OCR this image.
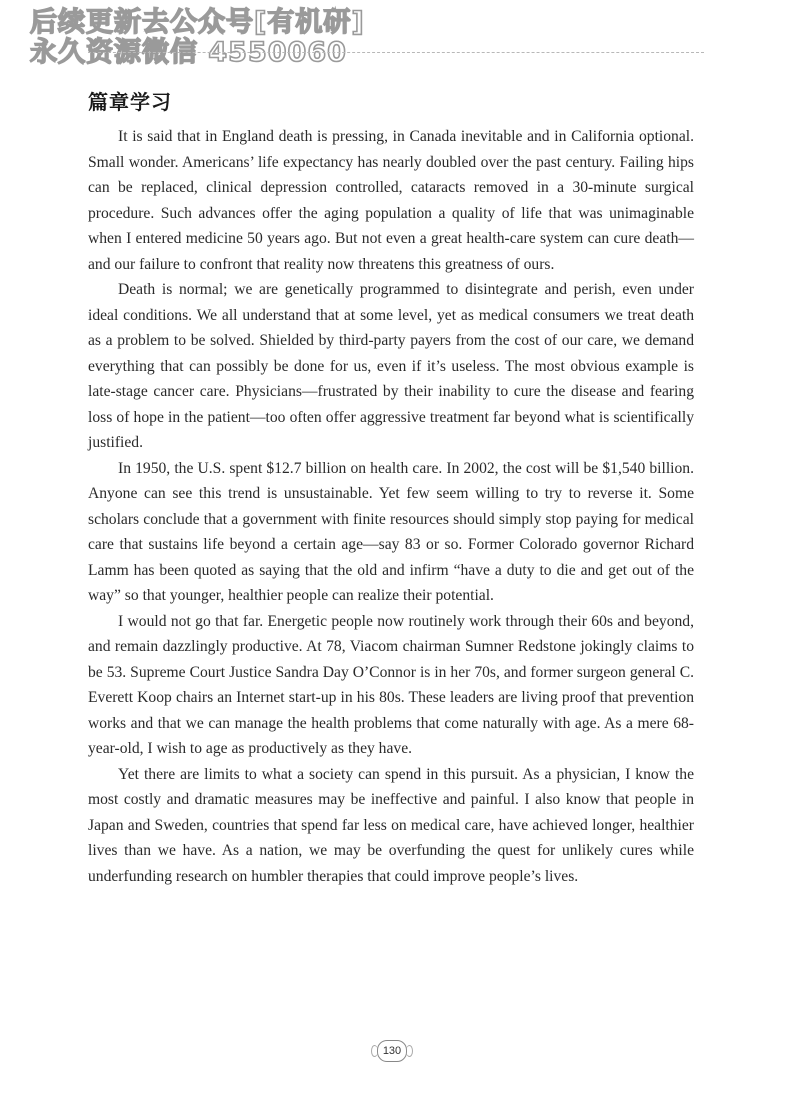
后续更新去公众号[有机研]
永久资源微信 4550060
篇章学习

It is said that in England death is pressing, in Canada inevitable and in California optional. Small wonder. Americans’ life expectancy has nearly doubled over the past century. Failing hips can be replaced, clinical depression controlled, cataracts removed in a 30-minute surgical procedure. Such advances offer the aging population a quality of life that was unimaginable when I entered medicine 50 years ago. But not even a great health-care system can cure death—and our failure to confront that reality now threatens this greatness of ours.

Death is normal; we are genetically programmed to disintegrate and perish, even under ideal conditions. We all understand that at some level, yet as medical consumers we treat death as a problem to be solved. Shielded by third-party payers from the cost of our care, we demand everything that can possibly be done for us, even if it’s useless. The most obvious example is late-stage cancer care. Physicians—frustrated by their inability to cure the disease and fearing loss of hope in the patient—too often offer aggressive treatment far beyond what is scientifically justified.

In 1950, the U.S. spent $12.7 billion on health care. In 2002, the cost will be $1,540 billion. Anyone can see this trend is unsustainable. Yet few seem willing to try to reverse it. Some scholars conclude that a government with finite resources should simply stop paying for medical care that sustains life beyond a certain age—say 83 or so. Former Colorado governor Richard Lamm has been quoted as saying that the old and infirm “have a duty to die and get out of the way” so that younger, healthier people can realize their potential.

I would not go that far. Energetic people now routinely work through their 60s and beyond, and remain dazzlingly productive. At 78, Viacom chairman Sumner Redstone jokingly claims to be 53. Supreme Court Justice Sandra Day O’Connor is in her 70s, and former surgeon general C. Everett Koop chairs an Internet start-up in his 80s. These leaders are living proof that prevention works and that we can manage the health problems that come naturally with age. As a mere 68-year-old, I wish to age as productively as they have.

Yet there are limits to what a society can spend in this pursuit. As a physician, I know the most costly and dramatic measures may be ineffective and painful. I also know that people in Japan and Sweden, countries that spend far less on medical care, have achieved longer, healthier lives than we have. As a nation, we may be overfunding the quest for unlikely cures while underfunding research on humbler therapies that could improve people’s lives.

130
